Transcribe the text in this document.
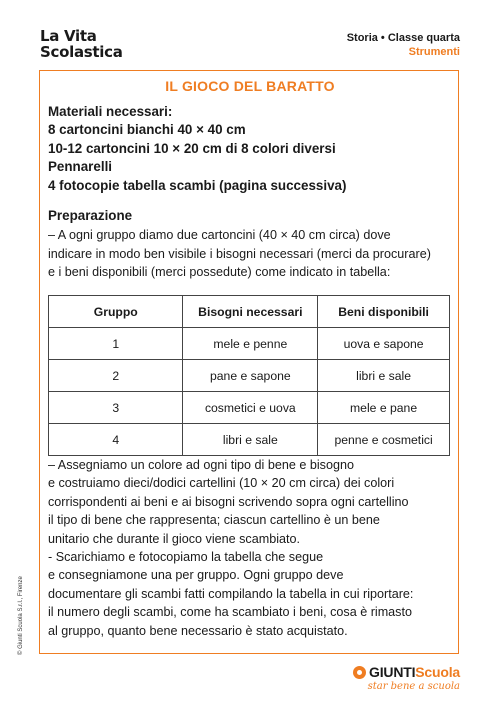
La Vita
Scolastica
Storia • Classe quarta
Strumenti
IL GIOCO DEL BARATTO
Materiali necessari:
8 cartoncini bianchi 40 × 40 cm
10-12 cartoncini 10 × 20 cm di 8 colori diversi
Pennarelli
4 fotocopie tabella scambi (pagina successiva)
Preparazione
– A ogni gruppo diamo due cartoncini (40 × 40 cm circa) dove
indicare in modo ben visibile i bisogni necessari (merci da procurare)
e i beni disponibili (merci possedute) come indicato in tabella:
Gruppo	Bisogni necessari	Beni disponibili
1	mele e penne	uova e sapone
2	pane e sapone	libri e sale
3	cosmetici e uova	mele e pane
4	libri e sale	penne e cosmetici
– Assegniamo un colore ad ogni tipo di bene e bisogno
e costruiamo dieci/dodici cartellini (10 × 20 cm circa) dei colori
corrispondenti ai beni e ai bisogni scrivendo sopra ogni cartellino
il tipo di bene che rappresenta; ciascun cartellino è un bene
unitario che durante il gioco viene scambiato.
- Scarichiamo e fotocopiamo la tabella che segue
e consegniamone una per gruppo. Ogni gruppo deve
documentare gli scambi fatti compilando la tabella in cui riportare:
il numero degli scambi, come ha scambiato i beni, cosa è rimasto
al gruppo, quanto bene necessario è stato acquistato.
© Giunti Scuola S.r.l., Firenze
GIUNTI Scuola
star bene a scuola
